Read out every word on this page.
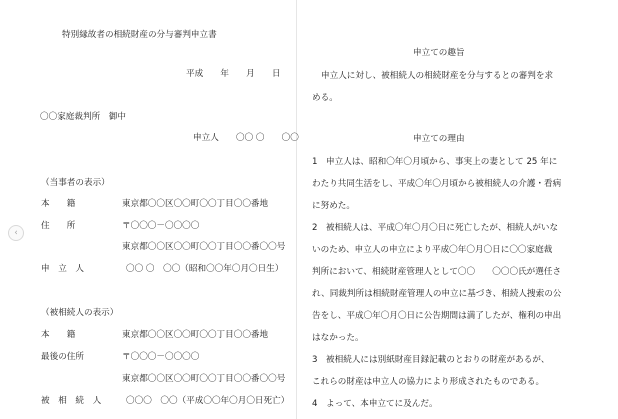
‹
特別縁故者の相続財産の分与審判申立書
平成　　年　　月　　日
〇〇家庭裁判所　御中
申立人　　〇〇 〇　　〇〇
（当事者の表示）
本　　籍	東京都〇〇区〇〇町〇〇丁目〇〇番地
住　　所	〒〇〇〇－〇〇〇〇
東京都〇〇区〇〇町〇〇丁目〇〇番〇〇号
申　立　人	〇〇 〇　〇〇（昭和〇〇年〇月〇日生）
（被相続人の表示）
本　　籍	東京都〇〇区〇〇町〇〇丁目〇〇番地
最後の住所	〒〇〇〇－〇〇〇〇
東京都〇〇区〇〇町〇〇丁目〇〇番〇〇号
被　相　続　人	〇〇〇　〇〇（平成〇〇年〇月〇日死亡）
申立ての趣旨
申立人に対し、被相続人の相続財産を分与するとの審判を求
める。
申立ての理由
1　申立人は、昭和〇年〇月頃から、事実上の妻として 25 年に
わたり共同生活をし、平成〇年〇月頃から被相続人の介護・看病
に努めた。
2　被相続人は、平成〇年〇月〇日に死亡したが、相続人がいな
いのため、申立人の申立により平成〇年〇月〇日に〇〇家庭裁
判所において、相続財産管理人として〇〇　　〇〇〇氏が選任さ
れ、同裁判所は相続財産管理人の申立に基づき、相続人捜索の公
告をし、平成〇年〇月〇日に公告期間は満了したが、権利の申出
はなかった。
3　被相続人には別紙財産目録記載のとおりの財産があるが、
これらの財産は申立人の協力により形成されたものである。
4　よって、本申立てに及んだ。
